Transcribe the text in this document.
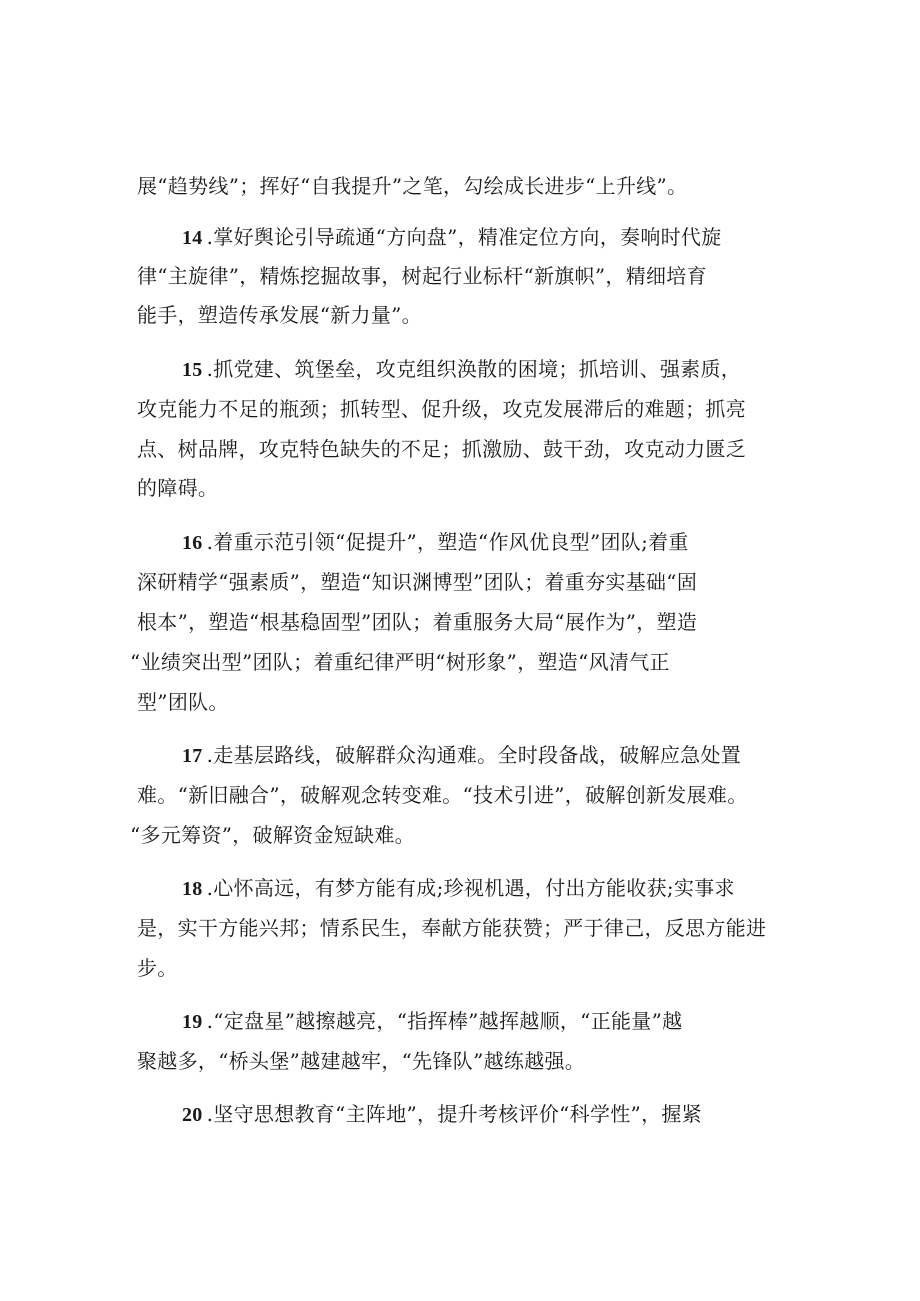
展“趋势线”；挥好“自我提升”之笔，勾绘成长进步“上升线”。
14 .掌好舆论引导疏通“方向盘”，精准定位方向，奏响时代旋
律“主旋律”，精炼挖掘故事，树起行业标杆“新旗帜”，精细培育
能手，塑造传承发展“新力量”。
15 .抓党建、筑堡垒，攻克组织涣散的困境；抓培训、强素质，
攻克能力不足的瓶颈；抓转型、促升级，攻克发展滞后的难题；抓亮
点、树品牌，攻克特色缺失的不足；抓激励、鼓干劲，攻克动力匮乏
的障碍。
16 .着重示范引领“促提升”，塑造“作风优良型”团队;着重
深研精学“强素质”，塑造“知识渊博型”团队；着重夯实基础“固
根本”，塑造“根基稳固型”团队；着重服务大局“展作为”，塑造
“业绩突出型”团队；着重纪律严明“树形象”，塑造“风清气正
型”团队。
17 .走基层路线，破解群众沟通难。全时段备战，破解应急处置
难。“新旧融合”，破解观念转变难。“技术引进”，破解创新发展难。
“多元筹资”，破解资金短缺难。
18 .心怀高远，有梦方能有成;珍视机遇，付出方能收获;实事求
是，实干方能兴邦；情系民生，奉献方能获赞；严于律己，反思方能进
步。
19 .“定盘星”越擦越亮，“指挥棒”越挥越顺，“正能量”越
聚越多，“桥头堡”越建越牢，“先锋队”越练越强。
20 .坚守思想教育“主阵地”，提升考核评价“科学性”，握紧
